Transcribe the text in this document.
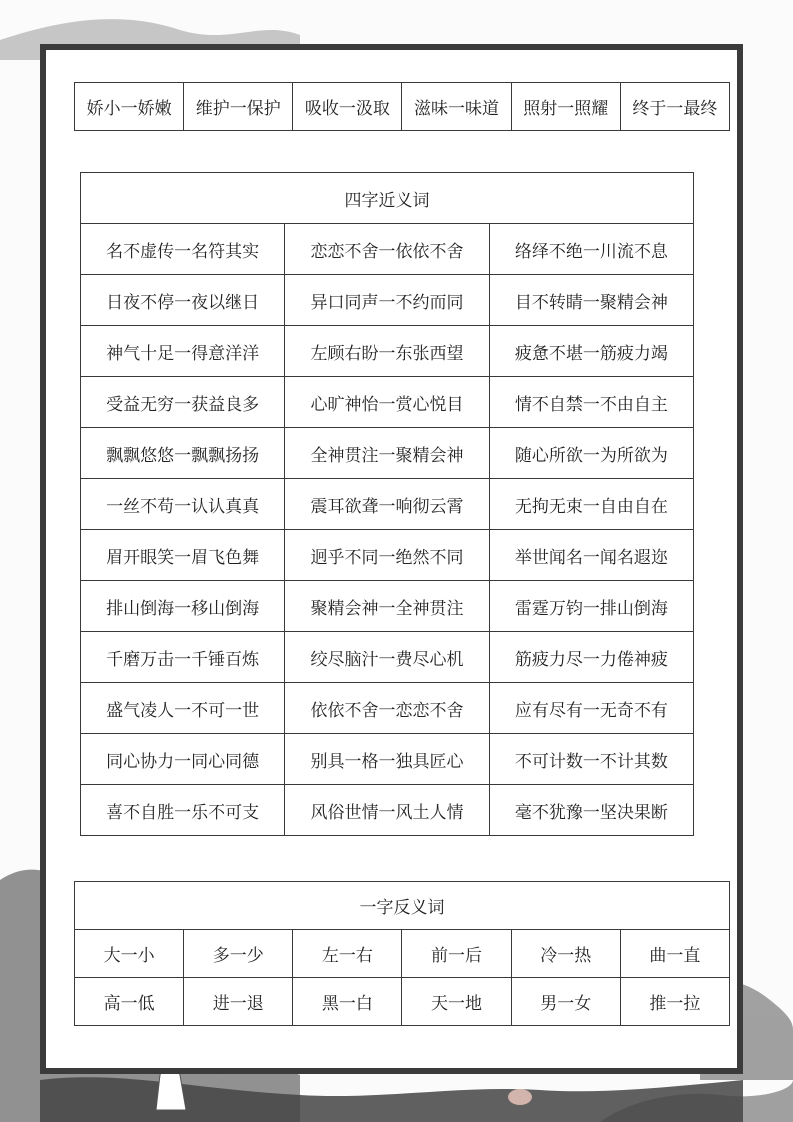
娇小一娇嫩	维护一保护	吸收一汲取	滋味一味道	照射一照耀	终于一最终
四字近义词		
名不虚传一名符其实	恋恋不舍一依依不舍	络绎不绝一川流不息
日夜不停一夜以继日	异口同声一不约而同	目不转睛一聚精会神
神气十足一得意洋洋	左顾右盼一东张西望	疲惫不堪一筋疲力竭
受益无穷一获益良多	心旷神怡一赏心悦目	情不自禁一不由自主
飘飘悠悠一飘飘扬扬	全神贯注一聚精会神	随心所欲一为所欲为
一丝不苟一认认真真	震耳欲聋一响彻云霄	无拘无束一自由自在
眉开眼笑一眉飞色舞	迥乎不同一绝然不同	举世闻名一闻名遐迩
排山倒海一移山倒海	聚精会神一全神贯注	雷霆万钧一排山倒海
千磨万击一千锤百炼	绞尽脑汁一费尽心机	筋疲力尽一力倦神疲
盛气凌人一不可一世	依依不舍一恋恋不舍	应有尽有一无奇不有
同心协力一同心同德	别具一格一独具匠心	不可计数一不计其数
喜不自胜一乐不可支	风俗世情一风土人情	毫不犹豫一坚决果断
一字反义词					
大一小	多一少	左一右	前一后	冷一热	曲一直
高一低	进一退	黑一白	天一地	男一女	推一拉
